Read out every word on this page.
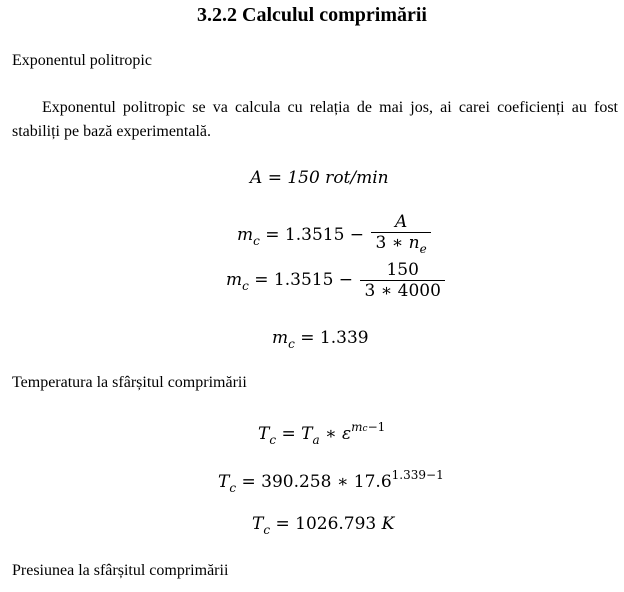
3.2.2 Calculul comprimării
Exponentul politropic
Exponentul politropic se va calcula cu relația de mai jos, ai carei coeficienți au fost stabiliți pe bază experimentală.
A = 150 rot/min
$m_c = 1.3515 - \frac{A}{3 ∗ n_e}$
$m_c = 1.3515 - \frac{150}{3 ∗ 4000}$
$m_c = 1.339$
Temperatura la sfârșitul comprimării
$T_c = T_a$ ∗ $\varepsilon^{mc-1}$
$T_c = 390.258$ ∗ $17.6^{1.339-1}$
$T_c = 1026.793$ K
Presiunea la sfârșitul comprimării
